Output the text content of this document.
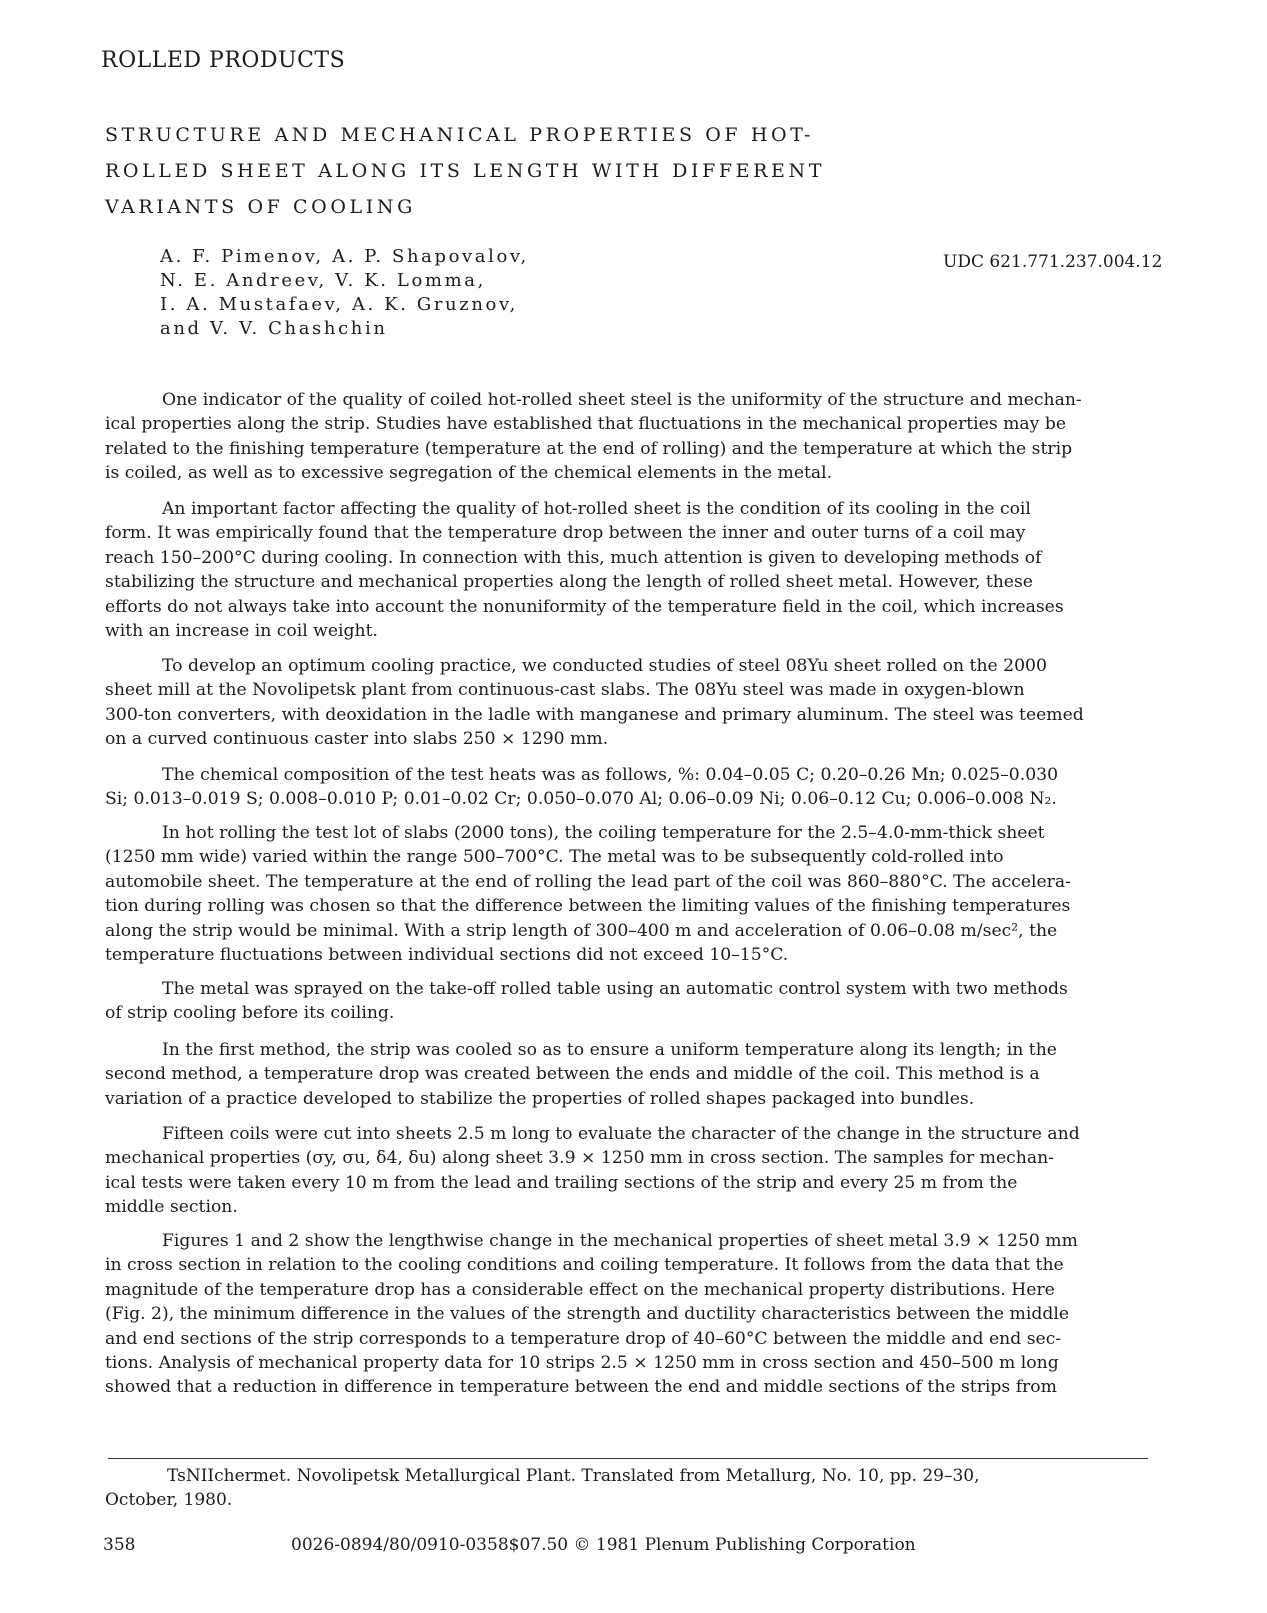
ROLLED PRODUCTS
STRUCTURE AND MECHANICAL PROPERTIES OF HOT-
ROLLED SHEET ALONG ITS LENGTH WITH DIFFERENT
VARIANTS OF COOLING
A. F. Pimenov, A. P. Shapovalov,
N. E. Andreev, V. K. Lomma,
I. A. Mustafaev, A. K. Gruznov,
and V. V. Chashchin
UDC 621.771.237.004.12
One indicator of the quality of coiled hot-rolled sheet steel is the uniformity of the structure and mechan-
ical properties along the strip. Studies have established that fluctuations in the mechanical properties may be
related to the finishing temperature (temperature at the end of rolling) and the temperature at which the strip
is coiled, as well as to excessive segregation of the chemical elements in the metal.
An important factor affecting the quality of hot-rolled sheet is the condition of its cooling in the coil
form. It was empirically found that the temperature drop between the inner and outer turns of a coil may
reach 150–200°C during cooling. In connection with this, much attention is given to developing methods of
stabilizing the structure and mechanical properties along the length of rolled sheet metal. However, these
efforts do not always take into account the nonuniformity of the temperature field in the coil, which increases
with an increase in coil weight.
To develop an optimum cooling practice, we conducted studies of steel 08Yu sheet rolled on the 2000
sheet mill at the Novolipetsk plant from continuous-cast slabs. The 08Yu steel was made in oxygen-blown
300-ton converters, with deoxidation in the ladle with manganese and primary aluminum. The steel was teemed
on a curved continuous caster into slabs 250 × 1290 mm.
The chemical composition of the test heats was as follows, %: 0.04–0.05 C; 0.20–0.26 Mn; 0.025–0.030
Si; 0.013–0.019 S; 0.008–0.010 P; 0.01–0.02 Cr; 0.050–0.070 Al; 0.06–0.09 Ni; 0.06–0.12 Cu; 0.006–0.008 N₂.
In hot rolling the test lot of slabs (2000 tons), the coiling temperature for the 2.5–4.0-mm-thick sheet
(1250 mm wide) varied within the range 500–700°C. The metal was to be subsequently cold-rolled into
automobile sheet. The temperature at the end of rolling the lead part of the coil was 860–880°C. The accelera-
tion during rolling was chosen so that the difference between the limiting values of the finishing temperatures
along the strip would be minimal. With a strip length of 300–400 m and acceleration of 0.06–0.08 m/sec², the
temperature fluctuations between individual sections did not exceed 10–15°C.
The metal was sprayed on the take-off rolled table using an automatic control system with two methods
of strip cooling before its coiling.
In the first method, the strip was cooled so as to ensure a uniform temperature along its length; in the
second method, a temperature drop was created between the ends and middle of the coil. This method is a
variation of a practice developed to stabilize the properties of rolled shapes packaged into bundles.
Fifteen coils were cut into sheets 2.5 m long to evaluate the character of the change in the structure and
mechanical properties (σy, σu, δ4, δu) along sheet 3.9 × 1250 mm in cross section. The samples for mechan-
ical tests were taken every 10 m from the lead and trailing sections of the strip and every 25 m from the
middle section.
Figures 1 and 2 show the lengthwise change in the mechanical properties of sheet metal 3.9 × 1250 mm
in cross section in relation to the cooling conditions and coiling temperature. It follows from the data that the
magnitude of the temperature drop has a considerable effect on the mechanical property distributions. Here
(Fig. 2), the minimum difference in the values of the strength and ductility characteristics between the middle
and end sections of the strip corresponds to a temperature drop of 40–60°C between the middle and end sec-
tions. Analysis of mechanical property data for 10 strips 2.5 × 1250 mm in cross section and 450–500 m long
showed that a reduction in difference in temperature between the end and middle sections of the strips from
TsNIIchermet. Novolipetsk Metallurgical Plant. Translated from Metallurg, No. 10, pp. 29–30,
October, 1980.
358	0026-0894/80/0910-0358$07.50 © 1981 Plenum Publishing Corporation
